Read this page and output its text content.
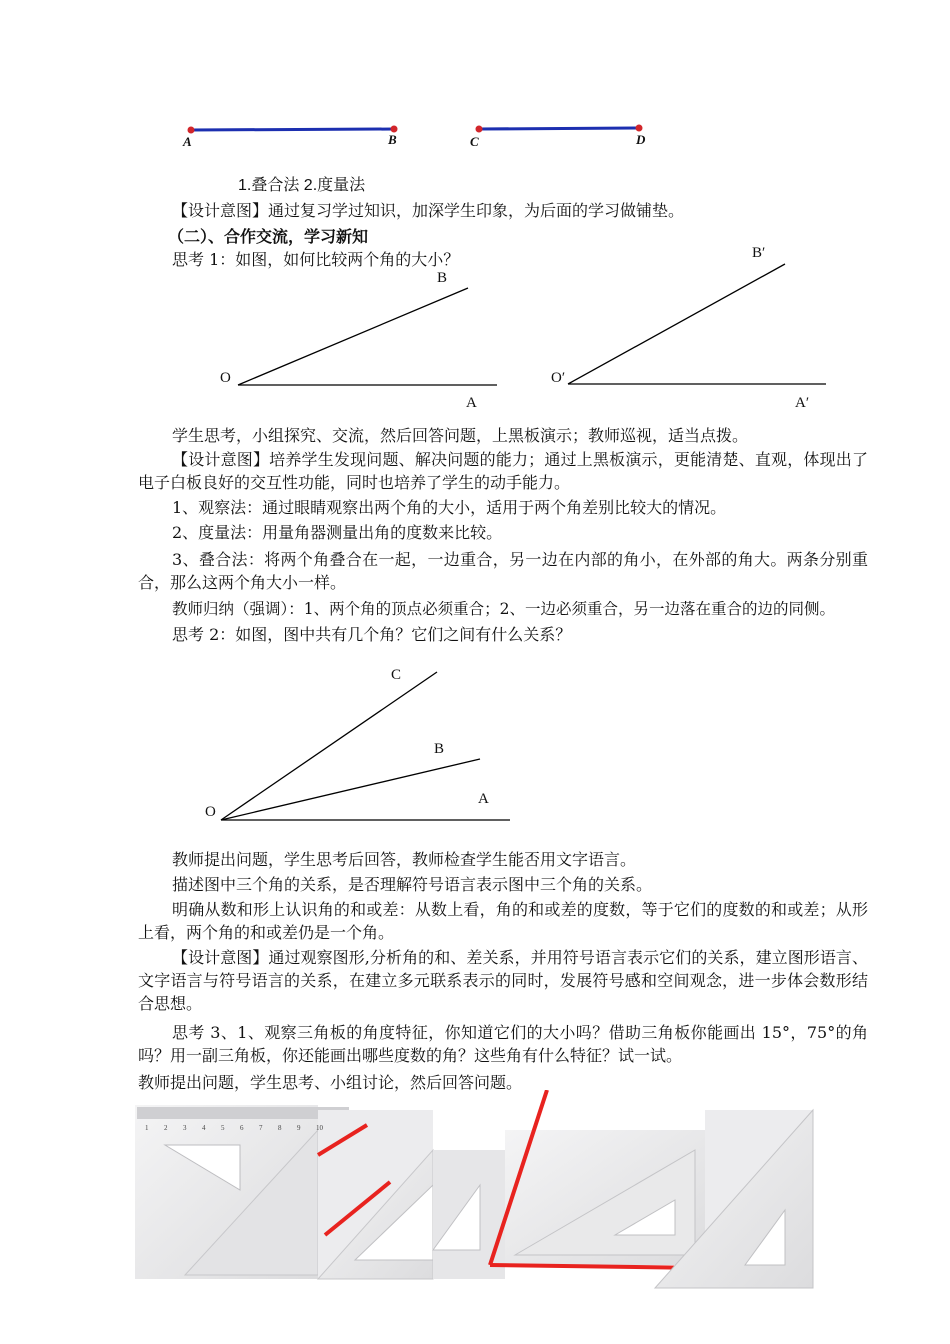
A	B	C	D
1.叠合法 2.度量法
【设计意图】通过复习学过知识，加深学生印象，为后面的学习做铺垫。
（二）、合作交流，学习新知
思考 1：如图，如何比较两个角的大小？
O
A
B
O′
A′
B′
学生思考，小组探究、交流，然后回答问题，上黑板演示；教师巡视，适当点拨。
【设计意图】培养学生发现问题、解决问题的能力；通过上黑板演示，更能清楚、直观，体现出了电子白板良好的交互性功能，同时也培养了学生的动手能力。
1、观察法：通过眼睛观察出两个角的大小，适用于两个角差别比较大的情况。
2、度量法：用量角器测量出角的度数来比较。
3、叠合法：将两个角叠合在一起，一边重合，另一边在内部的角小，在外部的角大。两条分别重合，那么这两个角大小一样。
教师归纳（强调）：1、两个角的顶点必须重合；2、一边必须重合，另一边落在重合的边的同侧。
思考 2：如图，图中共有几个角？它们之间有什么关系？
O
A
B
C
教师提出问题，学生思考后回答，教师检查学生能否用文字语言。
描述图中三个角的关系，是否理解符号语言表示图中三个角的关系。
明确从数和形上认识角的和或差：从数上看，角的和或差的度数，等于它们的度数的和或差；从形上看，两个角的和或差仍是一个角。
【设计意图】通过观察图形,分析角的和、差关系，并用符号语言表示它们的关系，建立图形语言、文字语言与符号语言的关系，在建立多元联系表示的同时，发展符号感和空间观念，进一步体会数形结合思想。
思考 3、1、观察三角板的角度特征，你知道它们的大小吗？借助三角板你能画出 15°，75°的角吗？用一副三角板，你还能画出哪些度数的角？这些角有什么特征？试一试。
教师提出问题，学生思考、小组讨论，然后回答问题。
1 2 3 4 5 6 7 8 9 10
